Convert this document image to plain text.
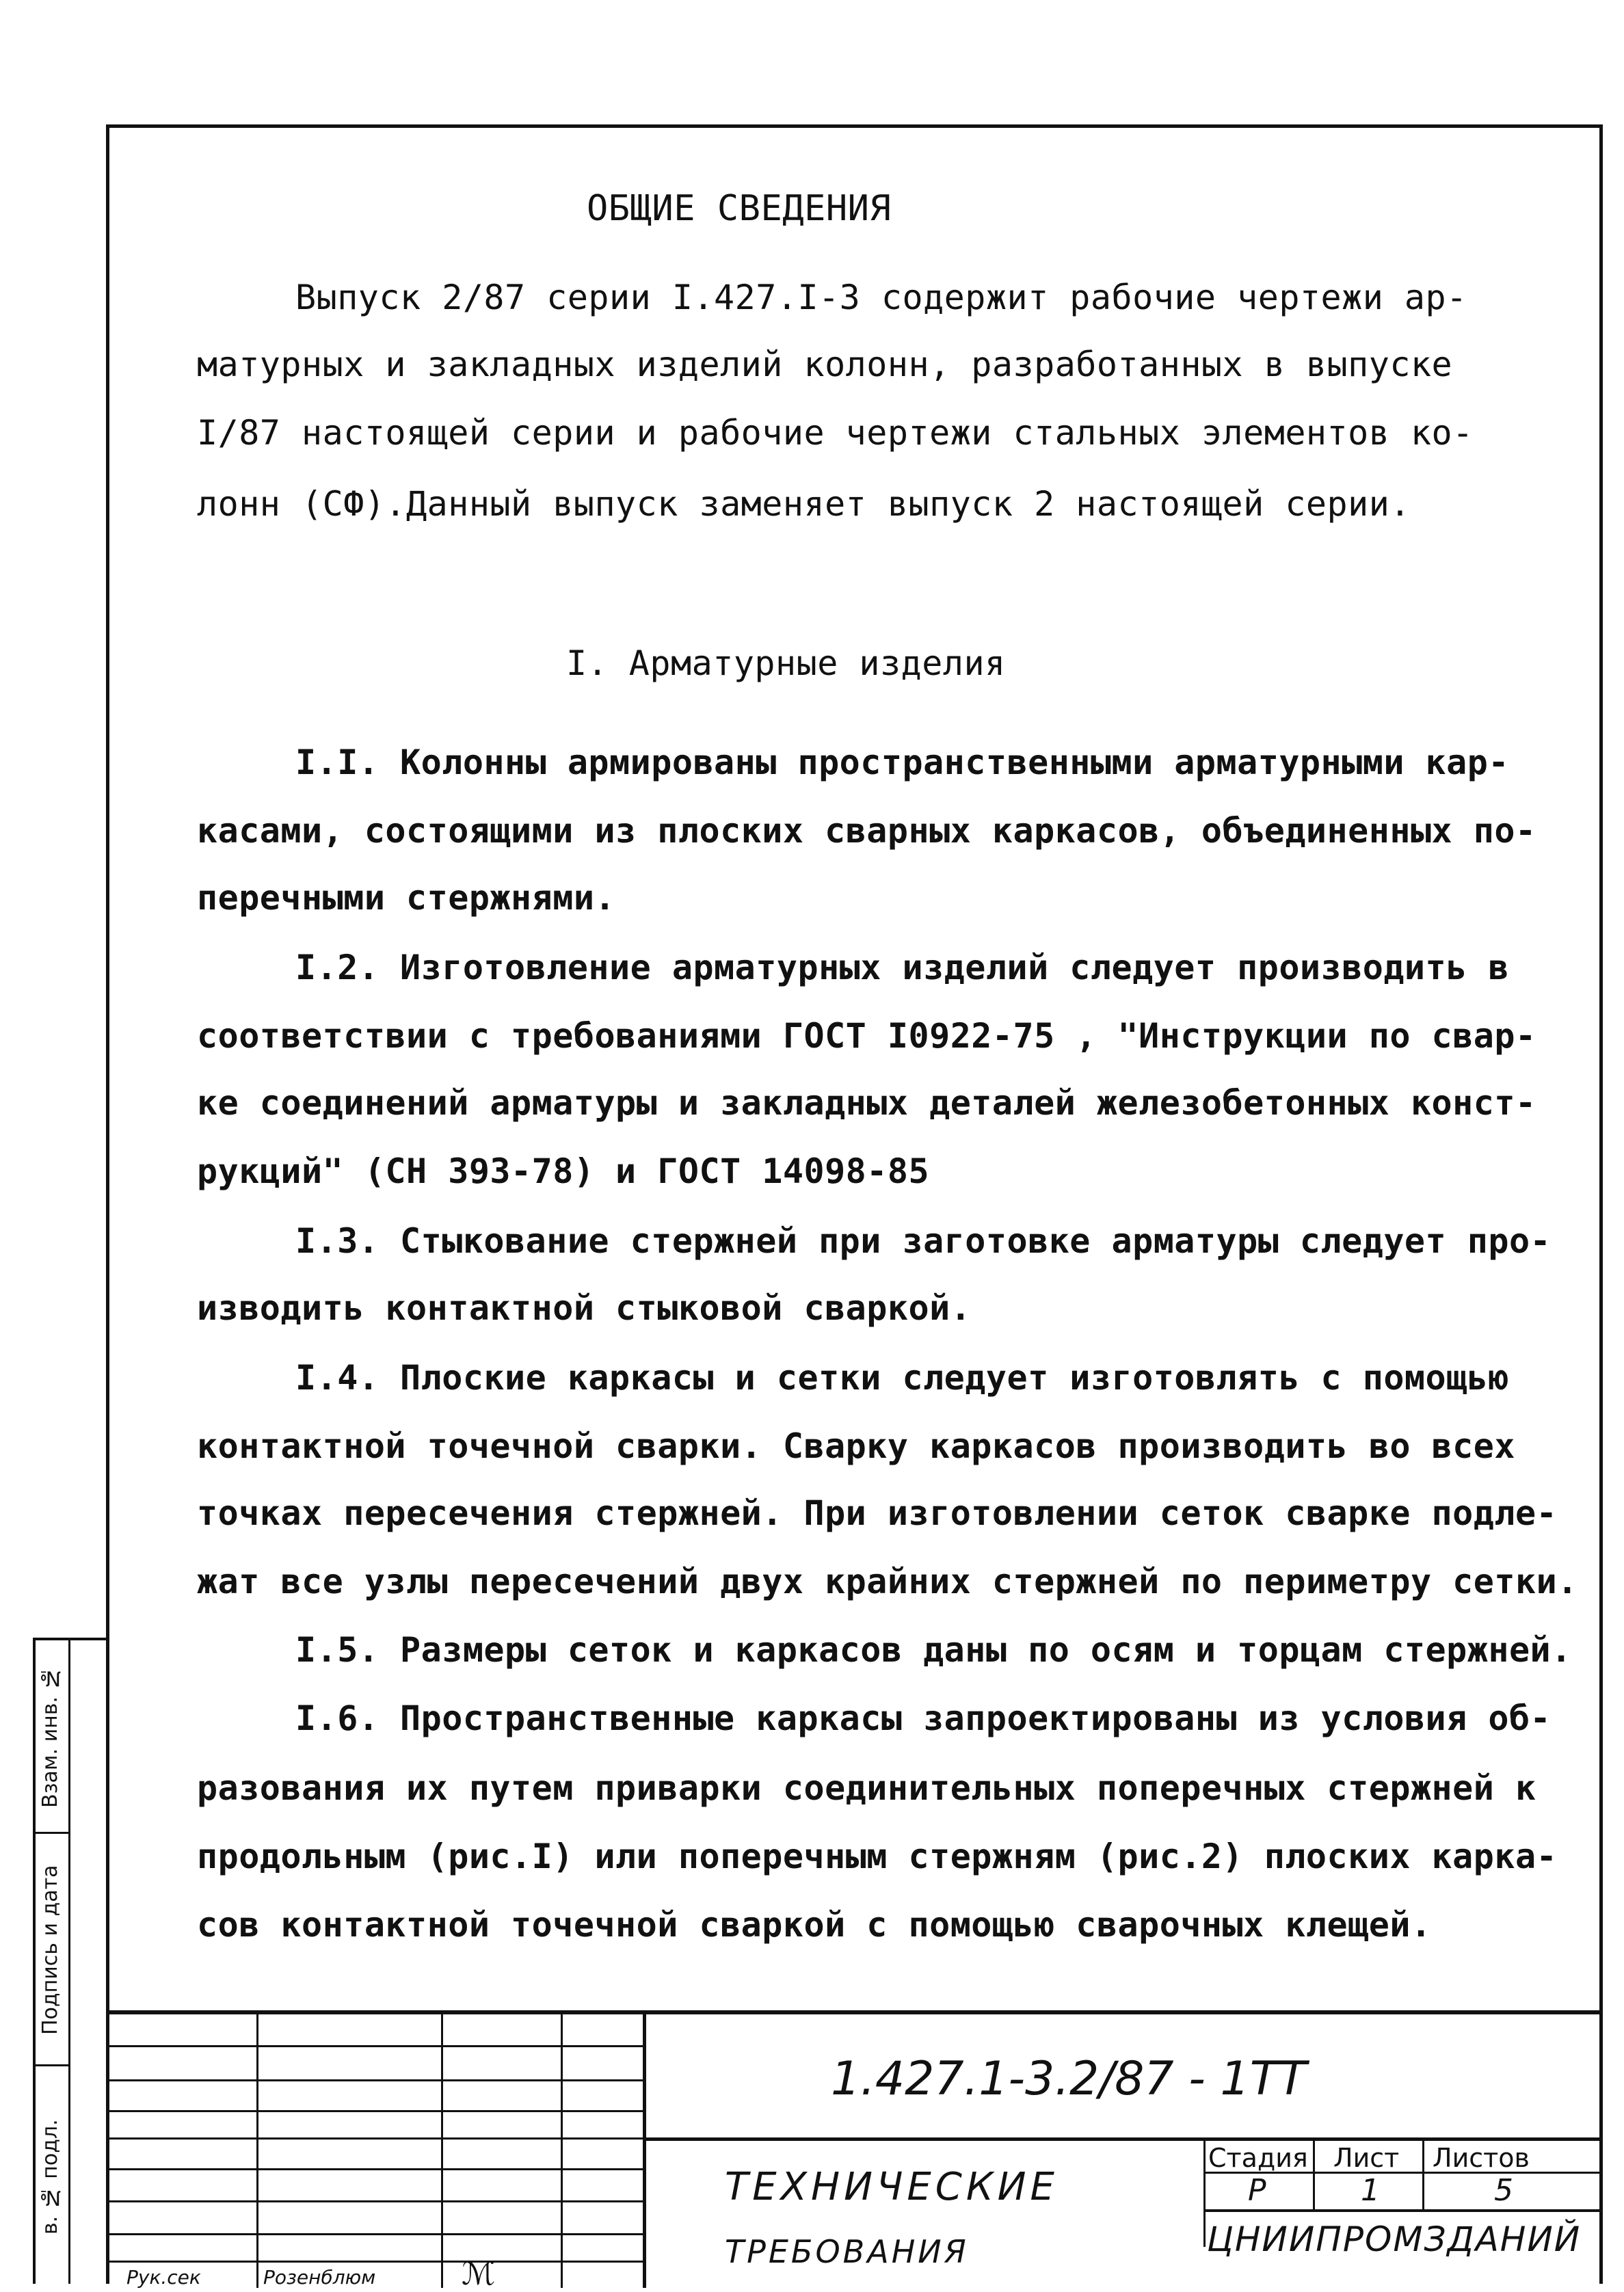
ОБЩИЕ СВЕДЕНИЯ
Выпуск 2/87 серии I.427.I-3 содержит рабочие чертежи ар-
матурных и закладных изделий колонн, разработанных в выпуске
I/87 настоящей серии и рабочие чертежи стальных элементов ко-
лонн (СФ).Данный выпуск заменяет выпуск 2 настоящей серии.
I. Арматурные изделия
I.I. Колонны армированы пространственными арматурными кар-
касами, состоящими из плоских сварных каркасов, объединенных по-
перечными стержнями.
I.2. Изготовление арматурных изделий следует производить в
соответствии с требованиями ГОСТ I0922-75 , "Инструкции по свар-
ке соединений арматуры и закладных деталей железобетонных конст-
рукций" (СН 393-78) и ГОСТ 14098-85
I.3. Стыкование стержней при заготовке арматуры следует про-
изводить контактной стыковой сваркой.
I.4. Плоские каркасы и сетки следует изготовлять с помощью
контактной точечной сварки. Сварку каркасов производить во всех
точках пересечения стержней. При изготовлении сеток сварке подле-
жат все узлы пересечений двух крайних стержней по периметру сетки.
I.5. Размеры сеток и каркасов даны по осям и торцам стержней.
I.6. Пространственные каркасы запроектированы из условия об-
разования их путем приварки соединительных поперечных стержней к
продольным (рис.I) или поперечным стержням (рис.2) плоских карка-
сов контактной точечной сваркой с помощью сварочных клещей.
Взам. инв. №
Подпись и дата
в. № подл.
1.427.1-3.2/87 - 1ТТ
ТЕХНИЧЕСКИЕ
ТРЕБОВАНИЯ
Стадия Лист Листов
Р	1	5
ЦНИИПРОМЗДАНИЙ
Рук.сек	Розенблюм	ℳ
